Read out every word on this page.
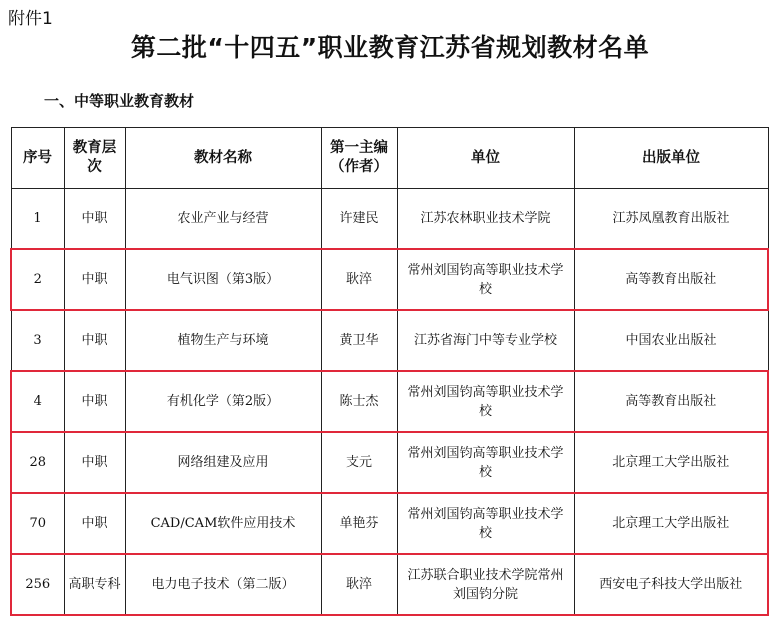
附件1
第二批“十四五”职业教育江苏省规划教材名单
一、中等职业教育教材
序号	教育层次	教材名称	第一主编（作者）	单位	出版单位
1	中职	农业产业与经营	许建民	江苏农林职业技术学院	江苏凤凰教育出版社
2	中职	电气识图（第3版）	耿淬	常州刘国钧高等职业技术学校	高等教育出版社
3	中职	植物生产与环境	黄卫华	江苏省海门中等专业学校	中国农业出版社
4	中职	有机化学（第2版）	陈士杰	常州刘国钧高等职业技术学校	高等教育出版社
28	中职	网络组建及应用	支元	常州刘国钧高等职业技术学校	北京理工大学出版社
70	中职	CAD/CAM软件应用技术	单艳芬	常州刘国钧高等职业技术学校	北京理工大学出版社
256	高职专科	电力电子技术（第二版）	耿淬	江苏联合职业技术学院常州刘国钧分院	西安电子科技大学出版社
